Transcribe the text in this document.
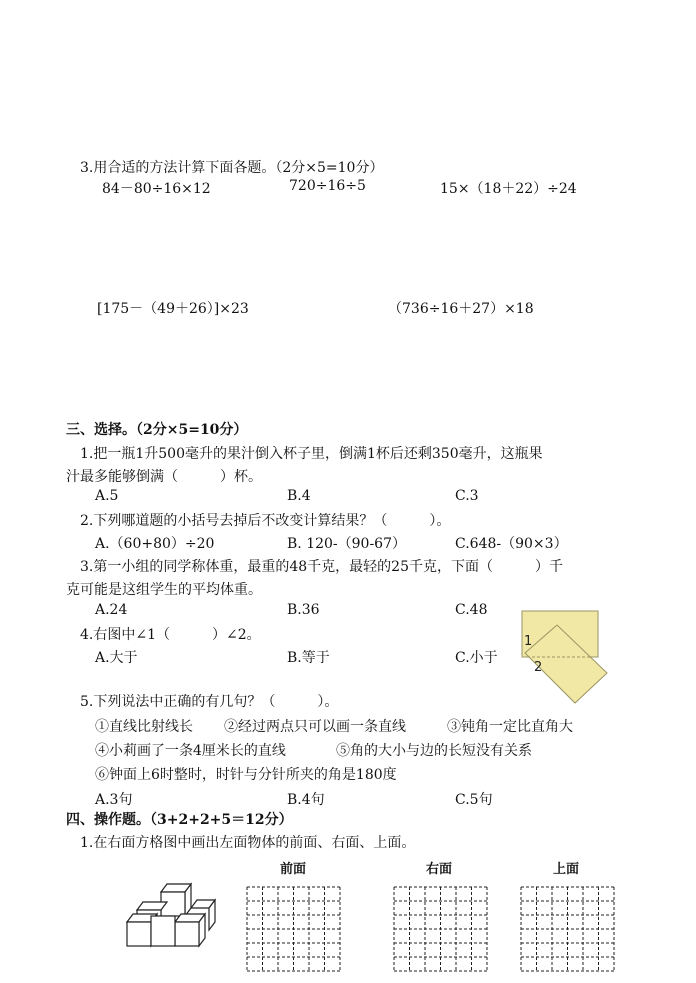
3.用合适的方法计算下面各题。（2分×5=10分）
84－80÷16×12	720÷16÷5	15×（18＋22）÷24
[175－（49＋26）]×23	（736÷16＋27）×18
三、选择。（2分×5=10分）
1.把一瓶1升500毫升的果汁倒入杯子里，倒满1杯后还剩350毫升，这瓶果
汁最多能够倒满（　　　）杯。
A.5	B.4	C.3
2.下列哪道题的小括号去掉后不改变计算结果？（　　　）。
A.（60+80）÷20	B. 120-（90-67）	C.648-（90×3）
3.第一小组的同学称体重，最重的48千克，最轻的25千克，下面（　　　）千
克可能是这组学生的平均体重。
A.24	B.36	C.48
4.右图中∠1（　　　）∠2。
A.大于	B.等于	C.小于
1
2
5.下列说法中正确的有几句？（　　　）。
①直线比射线长 ②经过两点只可以画一条直线	③钝角一定比直角大
④小莉画了一条4厘米长的直线	⑤角的大小与边的长短没有关系
⑥钟面上6时整时，时针与分针所夹的角是180度
A.3句	B.4句	C.5句
四、操作题。（3+2+2+5＝12分）
1.在右面方格图中画出左面物体的前面、右面、上面。
前面	右面	上面
